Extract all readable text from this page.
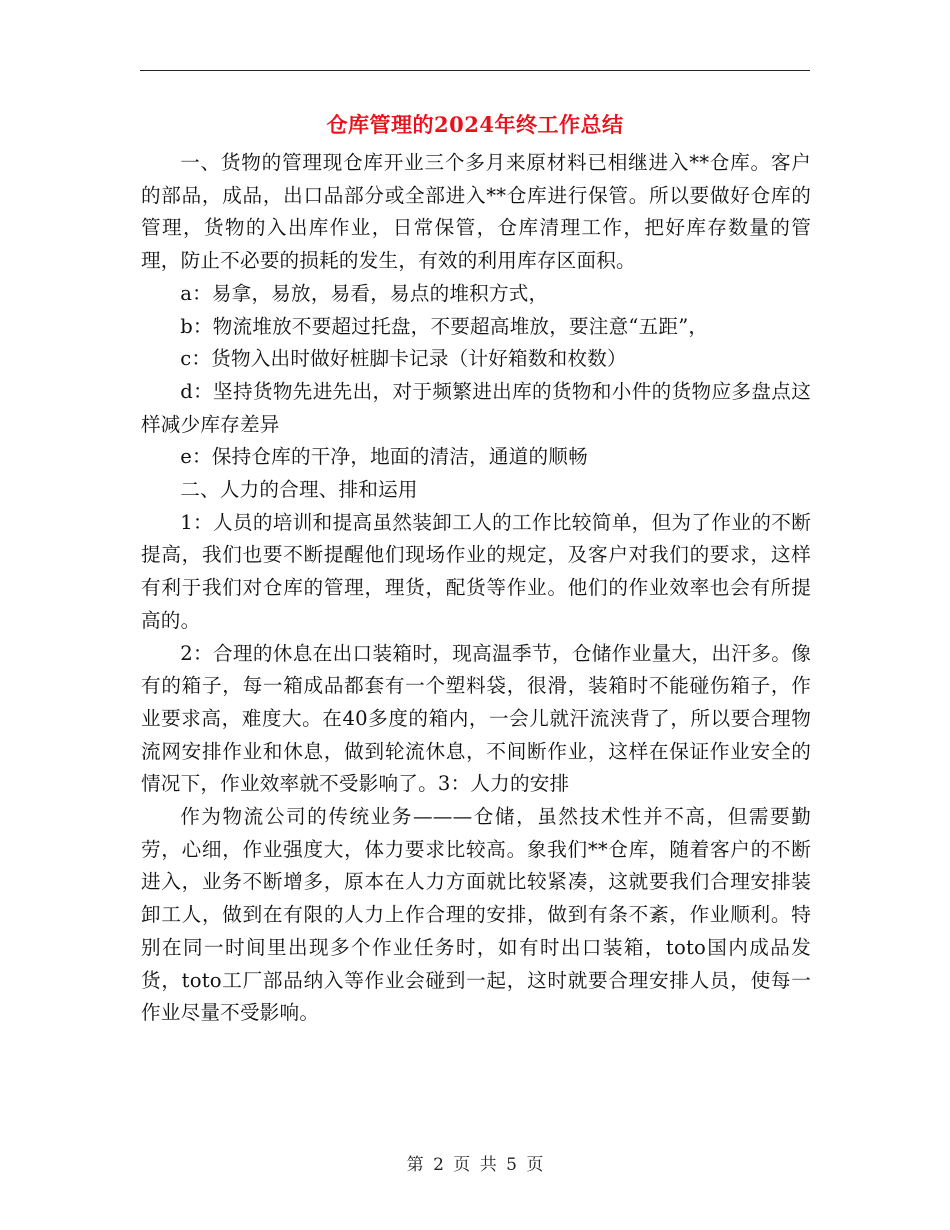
仓库管理的2024年终工作总结

一、货物的管理现仓库开业三个多月来原材料已相继进入**仓库。客户的部品，成品，出口品部分或全部进入**仓库进行保管。所以要做好仓库的管理，货物的入出库作业，日常保管，仓库清理工作，把好库存数量的管理，防止不必要的损耗的发生，有效的利用库存区面积。

a：易拿，易放，易看，易点的堆积方式，

b：物流堆放不要超过托盘，不要超高堆放，要注意“五距”，

c：货物入出时做好桩脚卡记录（计好箱数和枚数）

d：坚持货物先进先出，对于频繁进出库的货物和小件的货物应多盘点这样减少库存差异

e：保持仓库的干净，地面的清洁，通道的顺畅

二、人力的合理、排和运用

1：人员的培训和提高虽然装卸工人的工作比较简单，但为了作业的不断提高，我们也要不断提醒他们现场作业的规定，及客户对我们的要求，这样有利于我们对仓库的管理，理货，配货等作业。他们的作业效率也会有所提高的。

2：合理的休息在出口装箱时，现高温季节，仓储作业量大，出汗多。像有的箱子，每一箱成品都套有一个塑料袋，很滑，装箱时不能碰伤箱子，作业要求高，难度大。在40多度的箱内，一会儿就汗流浃背了，所以要合理物流网安排作业和休息，做到轮流休息，不间断作业，这样在保证作业安全的情况下，作业效率就不受影响了。3：人力的安排

作为物流公司的传统业务———仓储，虽然技术性并不高，但需要勤劳，心细，作业强度大，体力要求比较高。象我们**仓库，随着客户的不断进入，业务不断增多，原本在人力方面就比较紧凑，这就要我们合理安排装卸工人，做到在有限的人力上作合理的安排，做到有条不紊，作业顺利。特别在同一时间里出现多个作业任务时，如有时出口装箱，toto国内成品发货，toto工厂部品纳入等作业会碰到一起，这时就要合理安排人员，使每一作业尽量不受影响。

第 2 页 共 5 页
